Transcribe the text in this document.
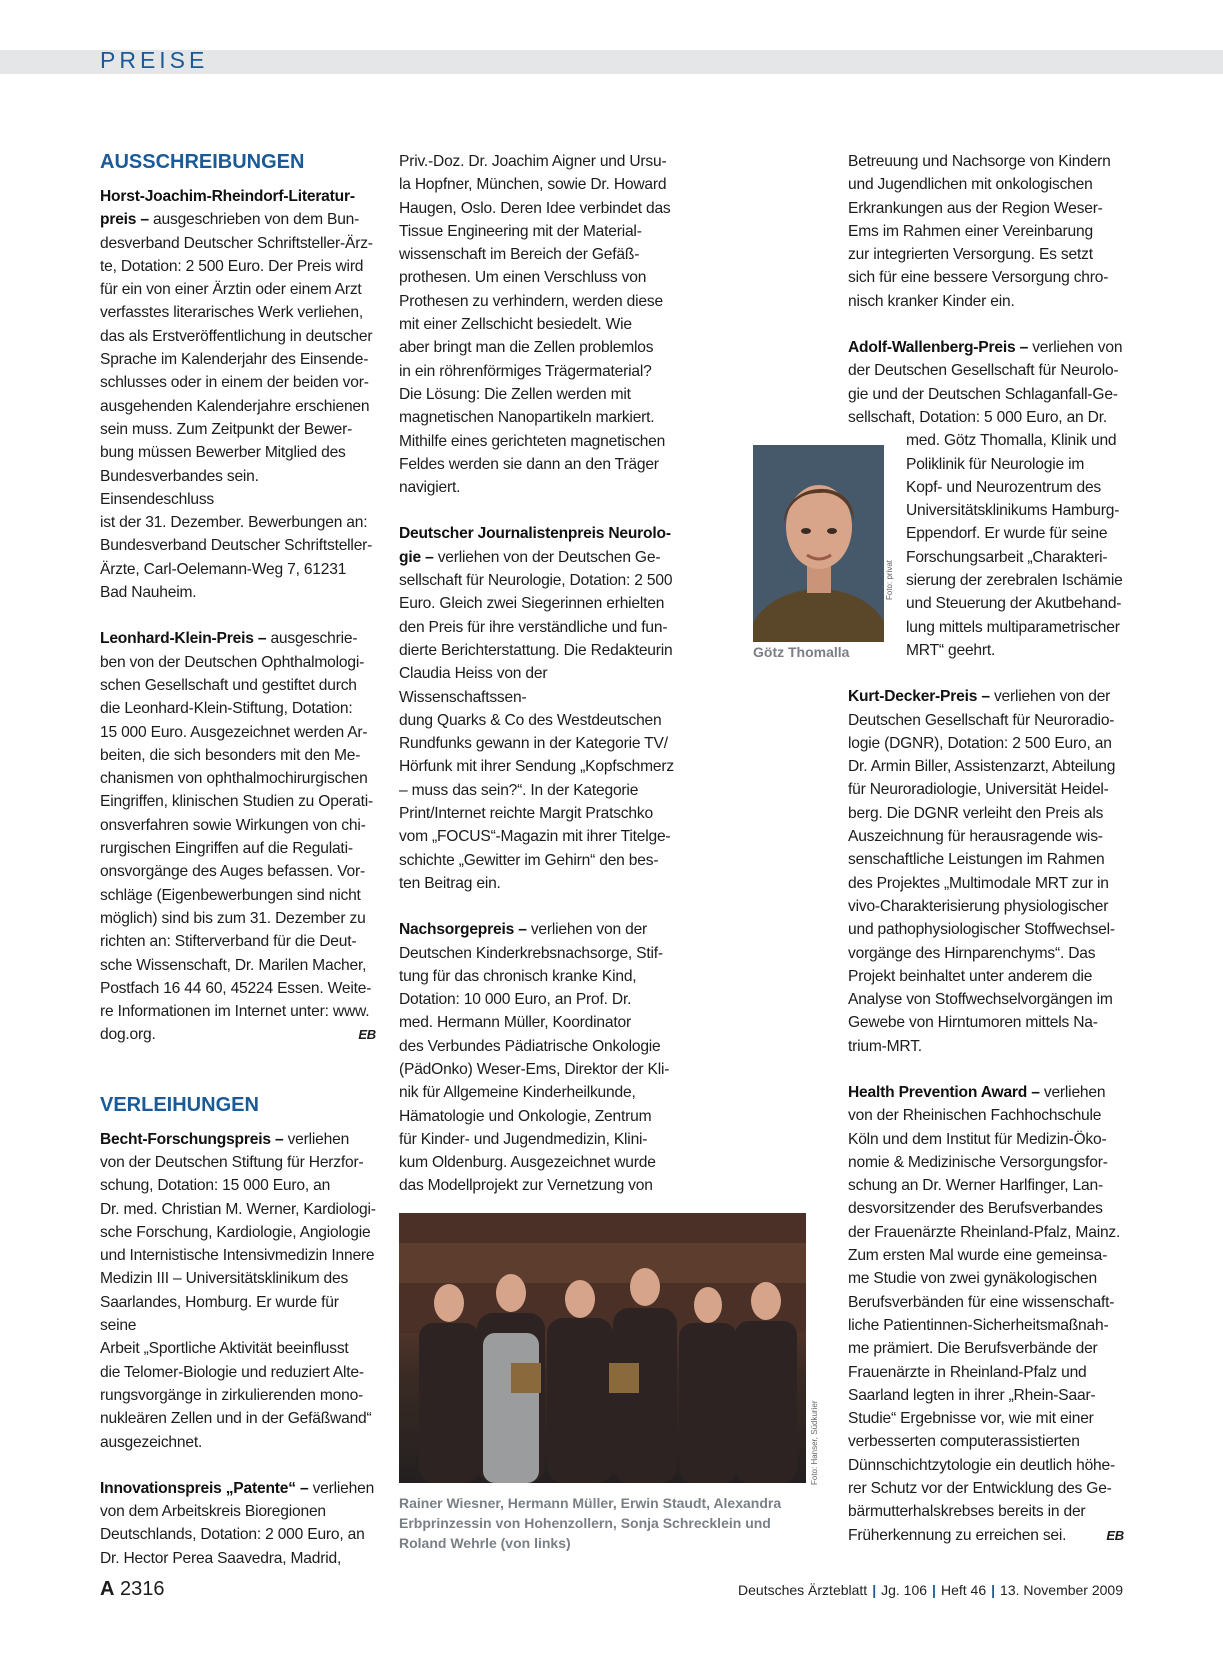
PREISE
AUSSCHREIBUNGEN

Horst-Joachim-Rheindorf-Literatur-

preis – ausgeschrieben von dem Bun-

desverband Deutscher Schriftsteller-Ärz-

te, Dotation: 2 500 Euro. Der Preis wird

für ein von einer Ärztin oder einem Arzt

verfasstes literarisches Werk verliehen,

das als Erstveröffentlichung in deutscher

Sprache im Kalenderjahr des Einsende-

schlusses oder in einem der beiden vor-

ausgehenden Kalenderjahre erschienen

sein muss. Zum Zeitpunkt der Bewer-

bung müssen Bewerber Mitglied des

Bundesverbandes sein. Einsendeschluss

ist der 31. Dezember. Bewerbungen an:

Bundesverband Deutscher Schriftsteller-

Ärzte, Carl-Oelemann-Weg 7, 61231

Bad Nauheim.

Leonhard-Klein-Preis – ausgeschrie-

ben von der Deutschen Ophthalmologi-

schen Gesellschaft und gestiftet durch

die Leonhard-Klein-Stiftung, Dotation:

15 000 Euro. Ausgezeichnet werden Ar-

beiten, die sich besonders mit den Me-

chanismen von ophthalmochirurgischen

Eingriffen, klinischen Studien zu Operati-

onsverfahren sowie Wirkungen von chi-

rurgischen Eingriffen auf die Regulati-

onsvorgänge des Auges befassen. Vor-

schläge (Eigenbewerbungen sind nicht

möglich) sind bis zum 31. Dezember zu

richten an: Stifterverband für die Deut-

sche Wissenschaft, Dr. Marilen Macher,

Postfach 16 44 60, 45224 Essen. Weite-

re Informationen im Internet unter: www.

dog.org.	EB

VERLEIHUNGEN

Becht-Forschungspreis – verliehen

von der Deutschen Stiftung für Herzfor-

schung, Dotation: 15 000 Euro, an

Dr. med. Christian M. Werner, Kardiologi-

sche Forschung, Kardiologie, Angiologie

und Internistische Intensivmedizin Innere

Medizin III – Universitätsklinikum des

Saarlandes, Homburg. Er wurde für seine

Arbeit „Sportliche Aktivität beeinflusst

die Telomer-Biologie und reduziert Alte-

rungsvorgänge in zirkulierenden mono-

nukleären Zellen und in der Gefäßwand“

ausgezeichnet.

Innovationspreis „Patente“ – verliehen

von dem Arbeitskreis Bioregionen

Deutschlands, Dotation: 2 000 Euro, an

Dr. Hector Perea Saavedra, Madrid,

Priv.-Doz. Dr. Joachim Aigner und Ursu-

la Hopfner, München, sowie Dr. Howard

Haugen, Oslo. Deren Idee verbindet das

Tissue Engineering mit der Material-

wissenschaft im Bereich der Gefäß-

prothesen. Um einen Verschluss von

Prothesen zu verhindern, werden diese

mit einer Zellschicht besiedelt. Wie

aber bringt man die Zellen problemlos

in ein röhrenförmiges Trägermaterial?

Die Lösung: Die Zellen werden mit

magnetischen Nanopartikeln markiert.

Mithilfe eines gerichteten magnetischen

Feldes werden sie dann an den Träger

navigiert.

Deutscher Journalistenpreis Neurolo-

gie – verliehen von der Deutschen Ge-

sellschaft für Neurologie, Dotation: 2 500

Euro. Gleich zwei Siegerinnen erhielten

den Preis für ihre verständliche und fun-

dierte Berichterstattung. Die Redakteurin

Claudia Heiss von der Wissenschaftssen-

dung Quarks & Co des Westdeutschen

Rundfunks gewann in der Kategorie TV/

Hörfunk mit ihrer Sendung „Kopfschmerz

– muss das sein?“. In der Kategorie

Print/Internet reichte Margit Pratschko

vom „FOCUS“-Magazin mit ihrer Titelge-

schichte „Gewitter im Gehirn“ den bes-

ten Beitrag ein.

Nachsorgepreis – verliehen von der

Deutschen Kinderkrebsnachsorge, Stif-

tung für das chronisch kranke Kind,

Dotation: 10 000 Euro, an Prof. Dr.

med. Hermann Müller, Koordinator

des Verbundes Pädiatrische Onkologie

(PädOnko) Weser-Ems, Direktor der Kli-

nik für Allgemeine Kinderheilkunde,

Hämatologie und Onkologie, Zentrum

für Kinder- und Jugendmedizin, Klini-

kum Oldenburg. Ausgezeichnet wurde

das Modellprojekt zur Vernetzung von

Foto: Hanser, Südkurier
Rainer Wiesner, Hermann Müller, Erwin Staudt, Alexandra Erbprinzessin von Hohenzollern, Sonja Schrecklein und Roland Wehrle (von links)
Foto: privat
Götz Thomalla

Betreuung und Nachsorge von Kindern

und Jugendlichen mit onkologischen

Erkrankungen aus der Region Weser-

Ems im Rahmen einer Vereinbarung

zur integrierten Versorgung. Es setzt

sich für eine bessere Versorgung chro-

nisch kranker Kinder ein.

Adolf-Wallenberg-Preis – verliehen von

der Deutschen Gesellschaft für Neurolo-

gie und der Deutschen Schlaganfall-Ge-

sellschaft, Dotation: 5 000 Euro, an Dr.

med. Götz Thomalla, Klinik und

Poliklinik für Neurologie im

Kopf- und Neurozentrum des

Universitätsklinikums Hamburg-

Eppendorf. Er wurde für seine

Forschungsarbeit „Charakteri-

sierung der zerebralen Ischämie

und Steuerung der Akutbehand-

lung mittels multiparametrischer

MRT“ geehrt.

Kurt-Decker-Preis – verliehen von der

Deutschen Gesellschaft für Neuroradio-

logie (DGNR), Dotation: 2 500 Euro, an

Dr. Armin Biller, Assistenzarzt, Abteilung

für Neuroradiologie, Universität Heidel-

berg. Die DGNR verleiht den Preis als

Auszeichnung für herausragende wis-

senschaftliche Leistungen im Rahmen

des Projektes „Multimodale MRT zur in

vivo-Charakterisierung physiologischer

und pathophysiologischer Stoffwechsel-

vorgänge des Hirnparenchyms“. Das

Projekt beinhaltet unter anderem die

Analyse von Stoffwechselvorgängen im

Gewebe von Hirntumoren mittels Na-

trium-MRT.

Health Prevention Award – verliehen

von der Rheinischen Fachhochschule

Köln und dem Institut für Medizin-Öko-

nomie & Medizinische Versorgungsfor-

schung an Dr. Werner Harlfinger, Lan-

desvorsitzender des Berufsverbandes

der Frauenärzte Rheinland-Pfalz, Mainz.

Zum ersten Mal wurde eine gemeinsa-

me Studie von zwei gynäkologischen

Berufsverbänden für eine wissenschaft-

liche Patientinnen-Sicherheitsmaßnah-

me prämiert. Die Berufsverbände der

Frauenärzte in Rheinland-Pfalz und

Saarland legten in ihrer „Rhein-Saar-

Studie“ Ergebnisse vor, wie mit einer

verbesserten computerassistierten

Dünnschichtzytologie ein deutlich höhe-

rer Schutz vor der Entwicklung des Ge-

bärmutterhalskrebses bereits in der

Früherkennung zu erreichen sei.	EB

A 2316	Deutsches Ärzteblatt | Jg. 106 | Heft 46 | 13. November 2009
